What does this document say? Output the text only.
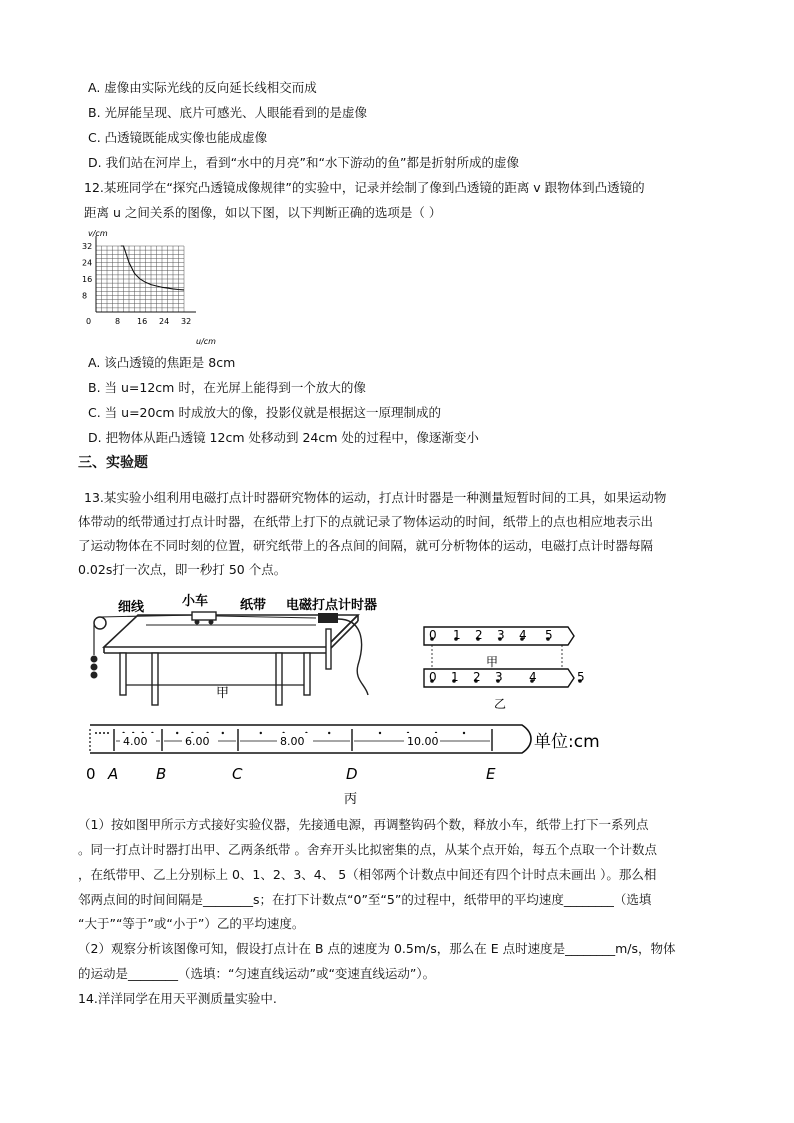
A. 虚像由实际光线的反向延长线相交而成
B. 光屏能呈现、底片可感光、人眼能看到的是虚像
C. 凸透镜既能成实像也能成虚像
D. 我们站在河岸上，看到“水中的月亮”和“水下游动的鱼”都是折射所成的虚像
12.某班同学在“探究凸透镜成像规律”的实验中，记录并绘制了像到凸透镜的距离 v 跟物体到凸透镜的
距离 u 之间关系的图像，如以下图，以下判断正确的选项是（ ）
0	8 16 24 32
8
16
24
32
v/cm
u/cm
A. 该凸透镜的焦距是 8cm
B. 当 u=12cm 时，在光屏上能得到一个放大的像
C. 当 u=20cm 时成放大的像，投影仪就是根据这一原理制成的
D. 把物体从距凸透镜 12cm 处移动到 24cm 处的过程中，像逐渐变小
三、实验题
13.某实验小组利用电磁打点计时器研究物体的运动，打点计时器是一种测量短暂时间的工具，如果运动物
体带动的纸带通过打点计时器，在纸带上打下的点就记录了物体运动的时间，纸带上的点也相应地表示出
了运动物体在不同时刻的位置，研究纸带上的各点间的间隔，就可分析物体的运动，电磁打点计时器每隔
0.02s打一次点，即一秒打 50 个点。
细线	小车 纸带 电磁打点计时器
甲
0 1 2 3 4 5
甲
0 1 2 3 4	5
乙
4.00	6.00	8.00	10.00
0 A	B	C	D	E
单位:cm
丙
（1）按如图甲所示方式接好实验仪器，先接通电源，再调整钩码个数，释放小车，纸带上打下一系列点
。同一打点计时器打出甲、乙两条纸带 。舍弃开头比拟密集的点，从某个点开始，每五个点取一个计数点
，在纸带甲、乙上分别标上 0、1、2、3、4、 5（相邻两个计数点中间还有四个计时点未画出 ）。那么相
邻两点间的时间间隔是________s；在打下计数点“0”至“5”的过程中，纸带甲的平均速度________（选填
“大于”“等于”或“小于”）乙的平均速度。
（2）观察分析该图像可知，假设打点计在 B 点的速度为 0.5m/s，那么在 E 点时速度是________m/s，物体
的运动是________（选填：“匀速直线运动”或“变速直线运动”）。
14.洋洋同学在用天平测质量实验中.
